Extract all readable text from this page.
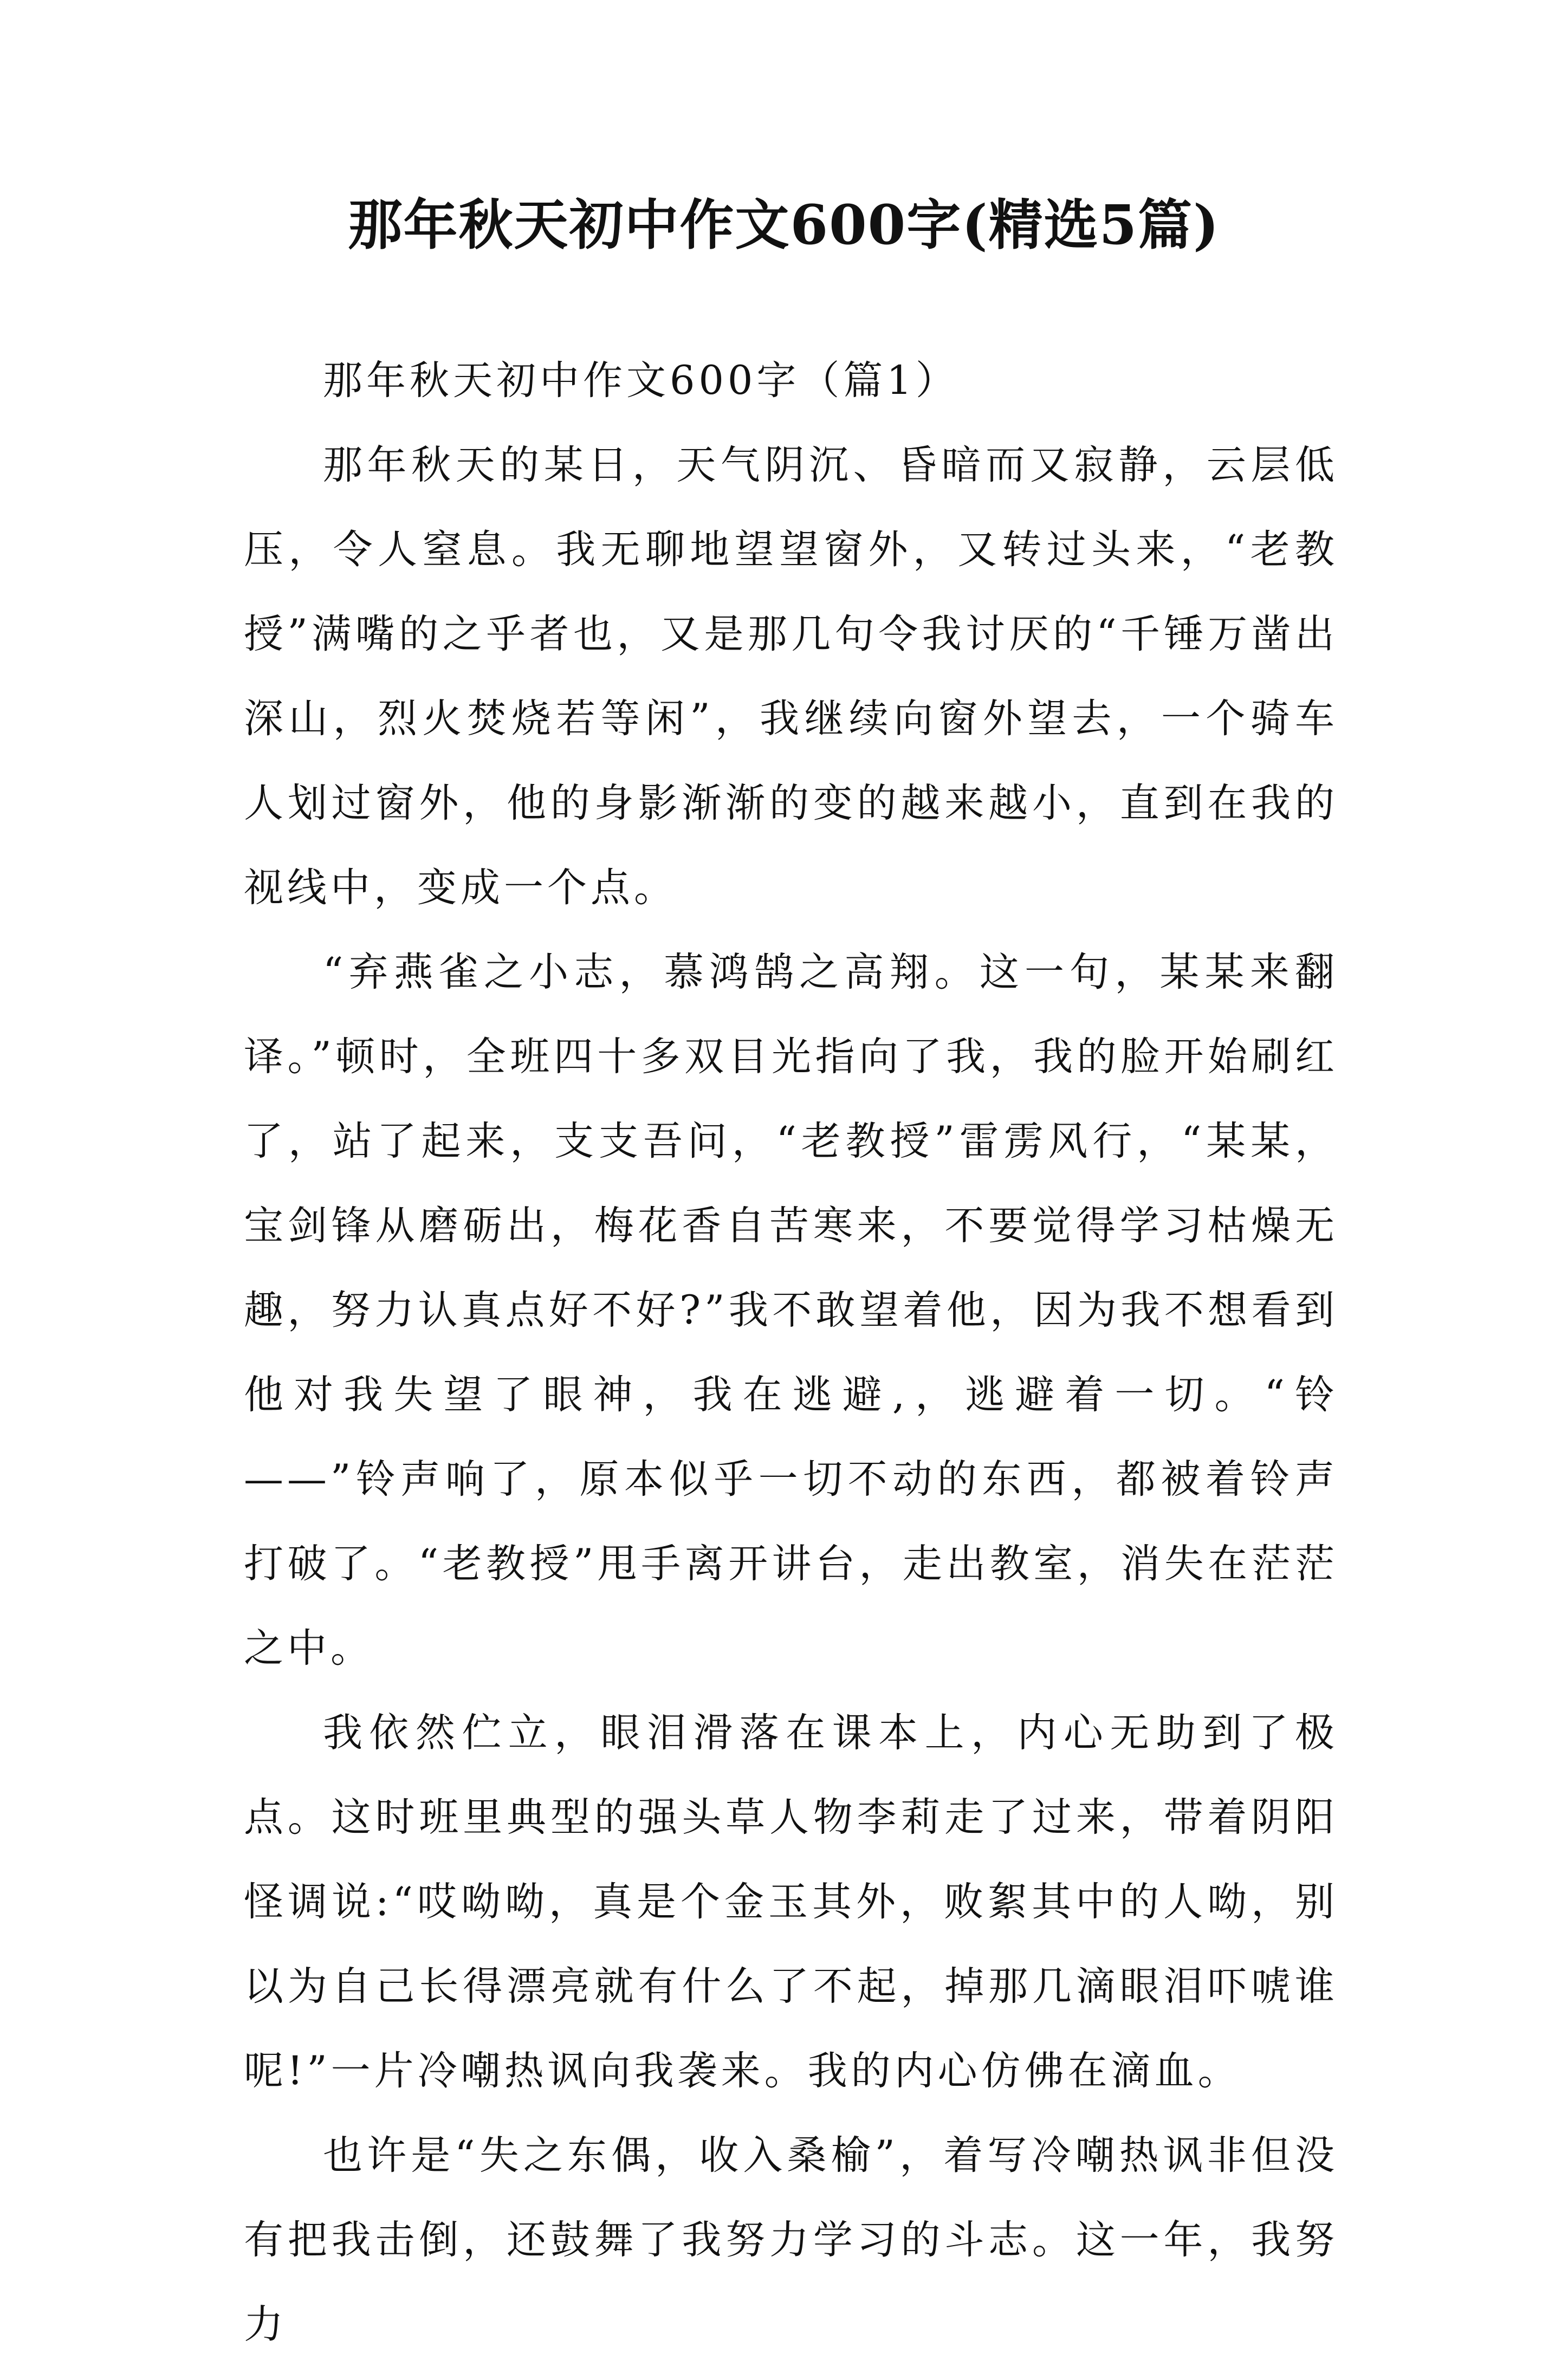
那年秋天初中作文600字(精选5篇)

那年秋天初中作文600字（篇1）

那年秋天的某日，天气阴沉、昏暗而又寂静，云层低压，令人窒息。我无聊地望望窗外，又转过头来，“老教授”满嘴的之乎者也，又是那几句令我讨厌的“千锤万凿出深山，烈火焚烧若等闲”，我继续向窗外望去，一个骑车人划过窗外，他的身影渐渐的变的越来越小，直到在我的视线中，变成一个点。

“弃燕雀之小志，慕鸿鹄之高翔。这一句，某某来翻译。”顿时，全班四十多双目光指向了我，我的脸开始刷红了，站了起来，支支吾问，“老教授”雷雳风行，“某某，宝剑锋从磨砺出，梅花香自苦寒来，不要觉得学习枯燥无趣，努力认真点好不好?”我不敢望着他，因为我不想看到他对我失望了眼神，我在逃避,，逃避着一切。“铃——”铃声响了，原本似乎一切不动的东西，都被着铃声打破了。“老教授”甩手离开讲台，走出教室，消失在茫茫之中。

我依然伫立，眼泪滑落在课本上，内心无助到了极点。这时班里典型的强头草人物李莉走了过来，带着阴阳怪调说:“哎呦呦，真是个金玉其外，败絮其中的人呦，别以为自己长得漂亮就有什么了不起，掉那几滴眼泪吓唬谁呢!”一片冷嘲热讽向我袭来。我的内心仿佛在滴血。

也许是“失之东偶，收入桑榆”，着写冷嘲热讽非但没有把我击倒，还鼓舞了我努力学习的斗志。这一年，我努力
